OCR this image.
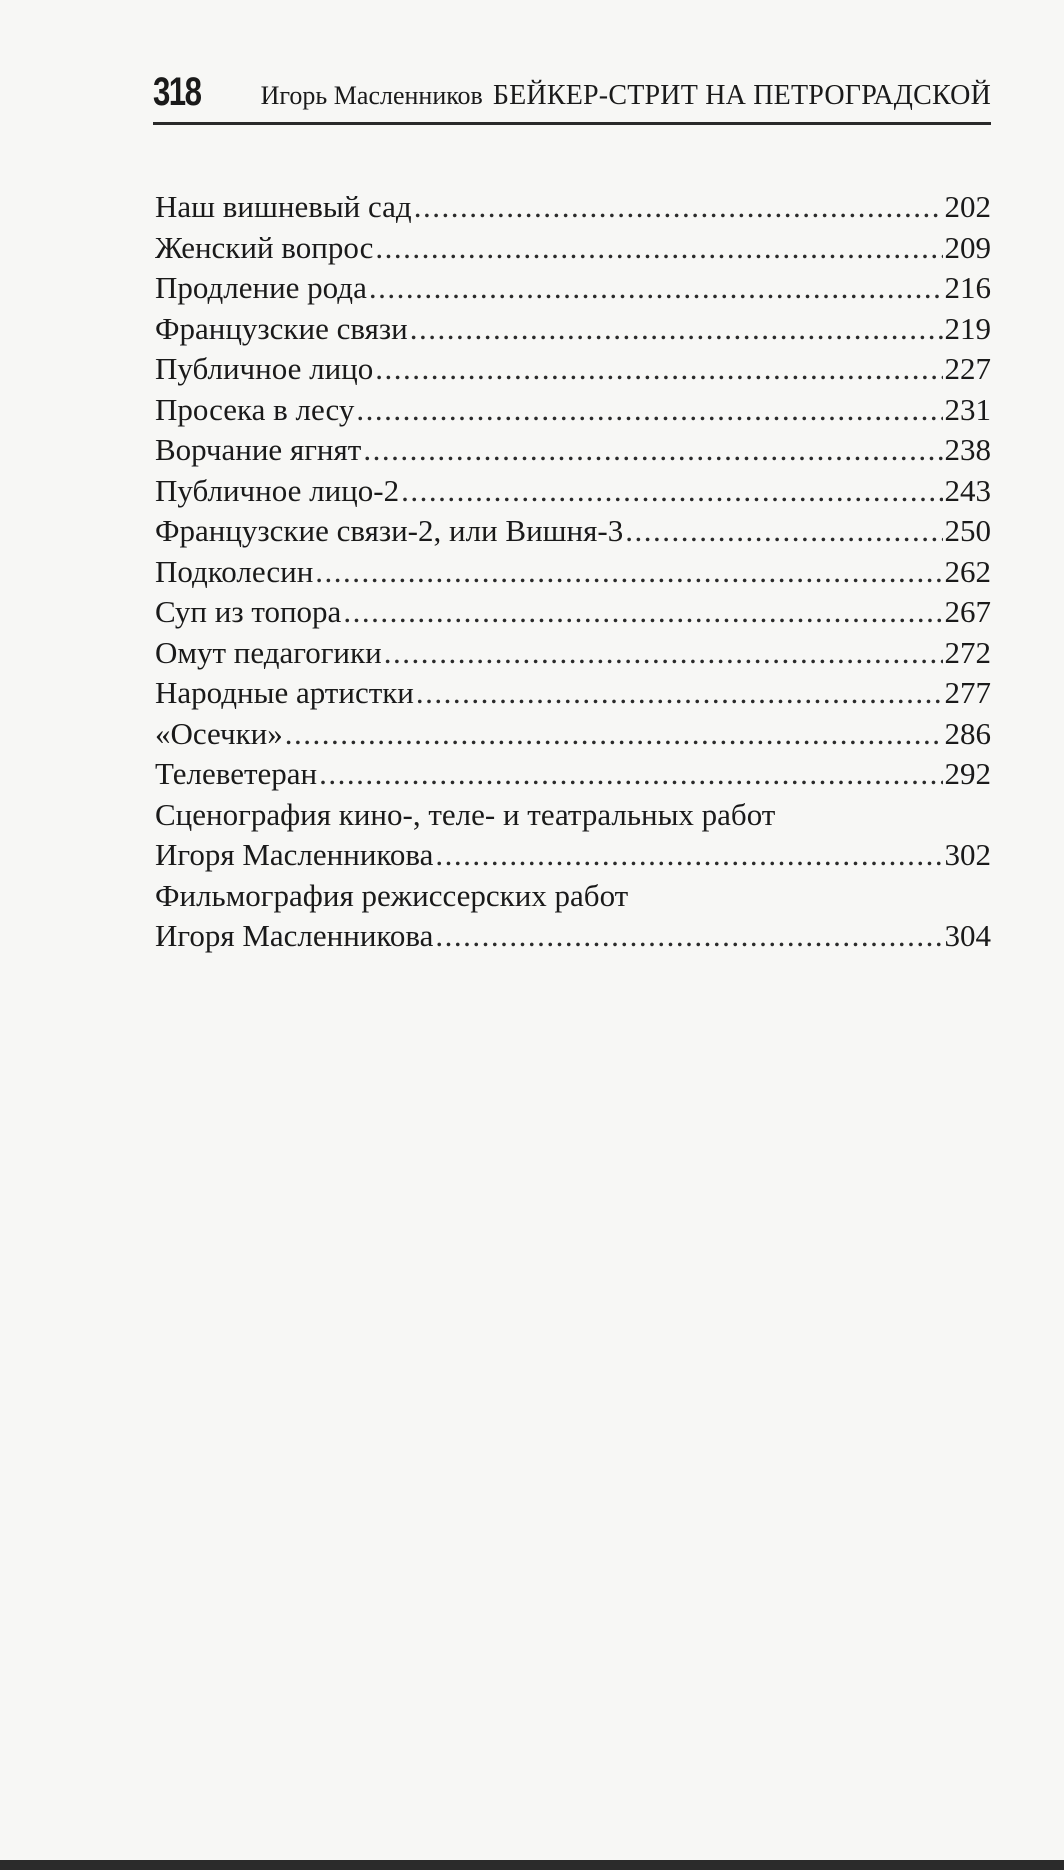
318 Игорь Масленников БЕЙКЕР-СТРИТ НА ПЕТРОГРАДСКОЙ
Наш вишневый сад .....	202
Женский вопрос .....	209
Продление рода .....	216
Французские связи .....	219
Публичное лицо .....	227
Просека в лесу .....	231
Ворчание ягнят .....	238
Публичное лицо-2 .....	243
Французские связи-2, или Вишня-3 .....	250
Подколесин .....	262
Суп из топора .....	267
Омут педагогики .....	272
Народные артистки .....	277
«Осечки» .....	286
Телеветеран .....	292
Сценография кино-, теле- и театральных работ
Игоря Масленникова .....	302
Фильмография режиссерских работ
Игоря Масленникова .....	304
